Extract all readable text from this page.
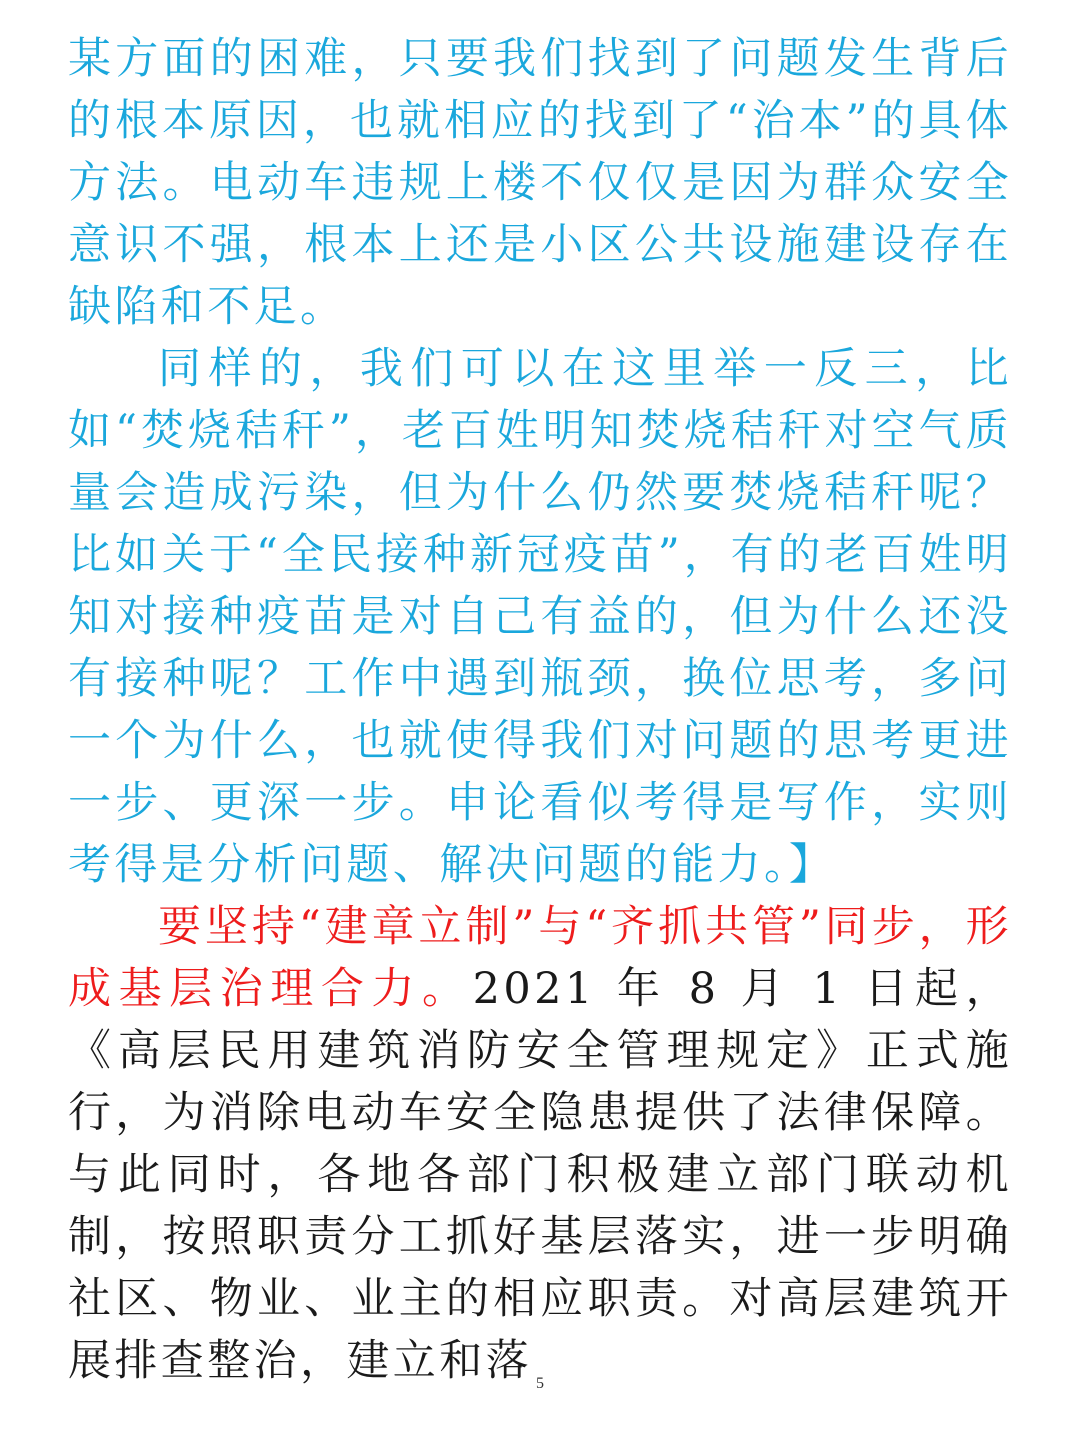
某方面的困难，只要我们找到了问题发生背后的根本原因，也就相应的找到了“治本”的具体方法。电动车违规上楼不仅仅是因为群众安全意识不强，根本上还是小区公共设施建设存在缺陷和不足。

同样的，我们可以在这里举一反三，比如“焚烧秸秆”，老百姓明知焚烧秸秆对空气质量会造成污染，但为什么仍然要焚烧秸秆呢？比如关于“全民接种新冠疫苗”，有的老百姓明知对接种疫苗是对自己有益的，但为什么还没有接种呢？工作中遇到瓶颈，换位思考，多问一个为什么，也就使得我们对问题的思考更进一步、更深一步。申论看似考得是写作，实则考得是分析问题、解决问题的能力。】

要坚持“建章立制”与“齐抓共管”同步，形成基层治理合力。2021 年 8 月 1 日起，《高层民用建筑消防安全管理规定》正式施行，为消除电动车安全隐患提供了法律保障。与此同时，各地各部门积极建立部门联动机制，按照职责分工抓好基层落实，进一步明确社区、物业、业主的相应职责。对高层建筑开展排查整治，建立和落 5
